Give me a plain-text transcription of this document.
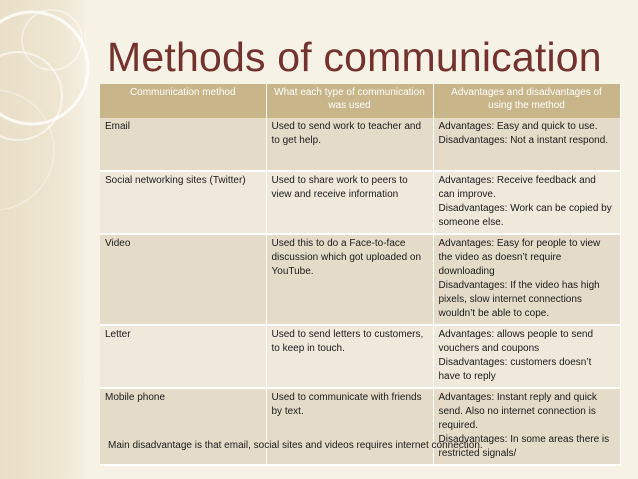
Methods of communication
Communication method	What each type of communication was used	Advantages and disadvantages of using the method
Email	Used to send work to teacher and to get help.	Advantages: Easy and quick to use.
Disadvantages: Not a instant respond.
Social networking sites (Twitter)	Used to share work to peers to view and receive information	Advantages: Receive feedback and can improve.
Disadvantages: Work can be copied by someone else.
Video	Used this to do a Face-to-face discussion which got uploaded on YouTube.	Advantages: Easy for people to view the video as doesn’t require downloading
Disadvantages: If the video has high pixels, slow internet connections wouldn’t be able to cope.
Letter	Used to send letters to customers, to keep in touch.	Advantages: allows people to send vouchers and coupons
Disadvantages: customers doesn’t have to reply
Mobile phone	Used to communicate with friends by text.	Advantages: Instant reply and quick send. Also no internet connection is required.
Disadvantages: In some areas there is restricted signals/
Main disadvantage is that email, social sites and videos requires internet connection.
